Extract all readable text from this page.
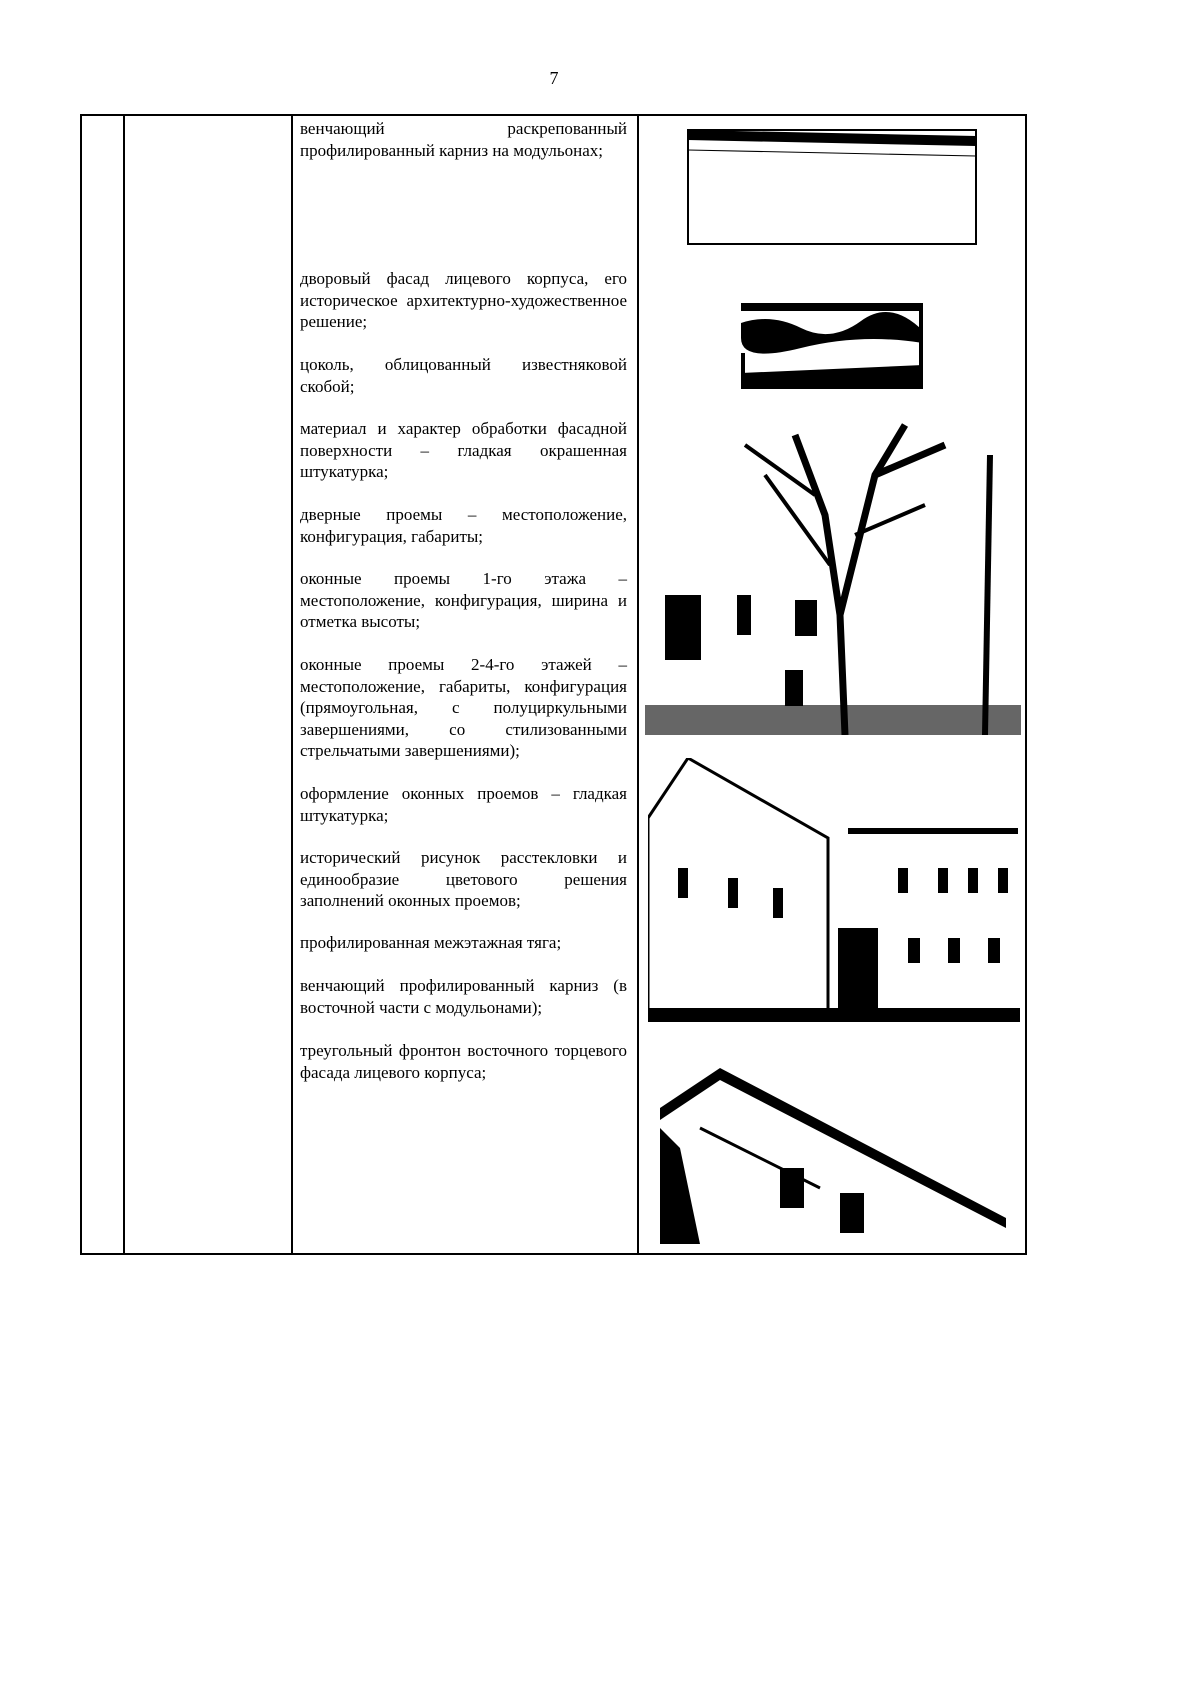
7
венчающий раскрепованный профилированный карниз на модульонах;
дворовый фасад лицевого корпуса, его историческое архитектурно-художественное решение;
цоколь, облицованный известняковой скобой;
материал и характер обработки фасадной поверхности – гладкая окрашенная штукатурка;
дверные проемы – местоположение, конфигурация, габариты;
оконные проемы 1-го этажа – местоположение, конфигурация, ширина и отметка высоты;
оконные проемы 2-4-го этажей – местоположение, габариты, конфигурация (прямоугольная, с полуциркульными завершениями, со стилизованными стрельчатыми завершениями);
оформление оконных проемов – гладкая штукатурка;
исторический рисунок расстекловки и единообразие цветового решения заполнений оконных проемов;
профилированная межэтажная тяга;
венчающий профилированный карниз (в восточной части с модульонами);
треугольный фронтон восточного торцевого фасада лицевого корпуса;
